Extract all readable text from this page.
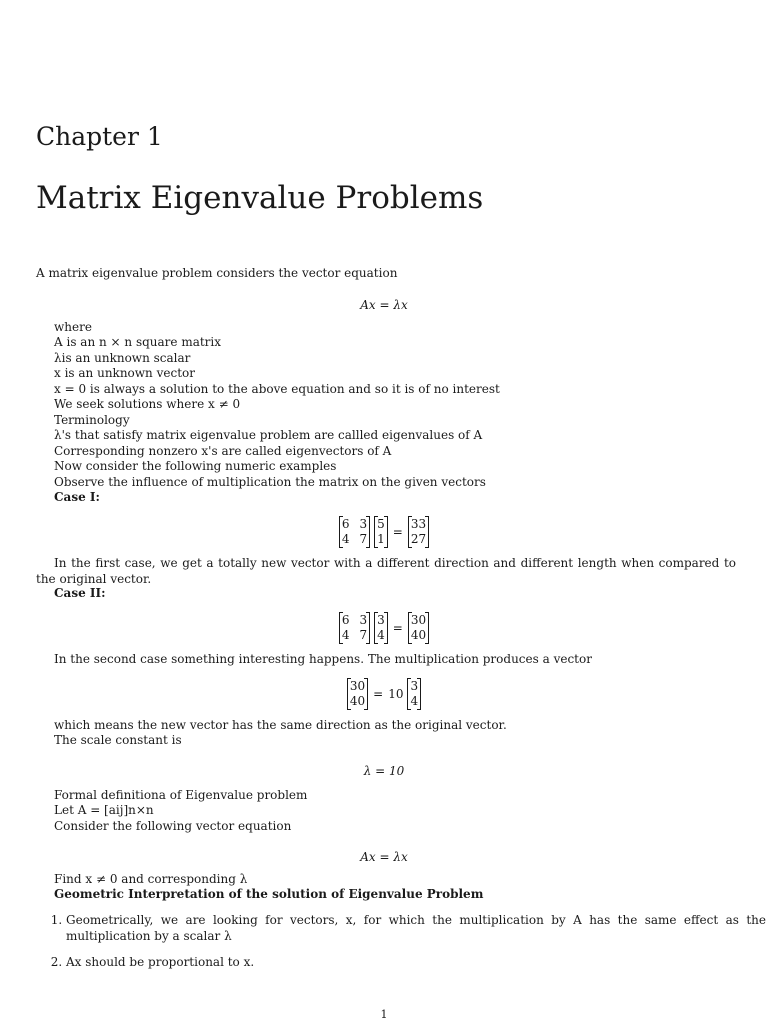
Chapter 1
Matrix Eigenvalue Problems
A matrix eigenvalue problem considers the vector equation
Ax = λx
where
A is an n × n square matrix
λis an unknown scalar
x is an unknown vector
x = 0 is always a solution to the above equation and so it is of no interest
We seek solutions where x ≠ 0
Terminology
λ's that satisfy matrix eigenvalue problem are callled eigenvalues of A
Corresponding nonzero x's are called eigenvectors of A
Now consider the following numeric examples
Observe the influence of multiplication the matrix on the given vectors
Case I:
6 3
4 7
5
1 =
33
27
In the first case, we get a totally new vector with a different direction and different length when compared to the original vector.
Case II:
6 3
4 7
3
4 =
30
40
In the second case something interesting happens. The multiplication produces a vector
30
40 = 10
3
4
which means the new vector has the same direction as the original vector.
The scale constant is
λ = 10
Formal definitiona of Eigenvalue problem
Let A = [aij]n×n
Consider the following vector equation
Ax = λx
Find x ≠ 0 and corresponding λ
Geometric Interpretation of the solution of Eigenvalue Problem
1. Geometrically, we are looking for vectors, x, for which the multiplication by A has the same effect as the multiplication by a scalar λ
2. Ax should be proportional to x.
1
